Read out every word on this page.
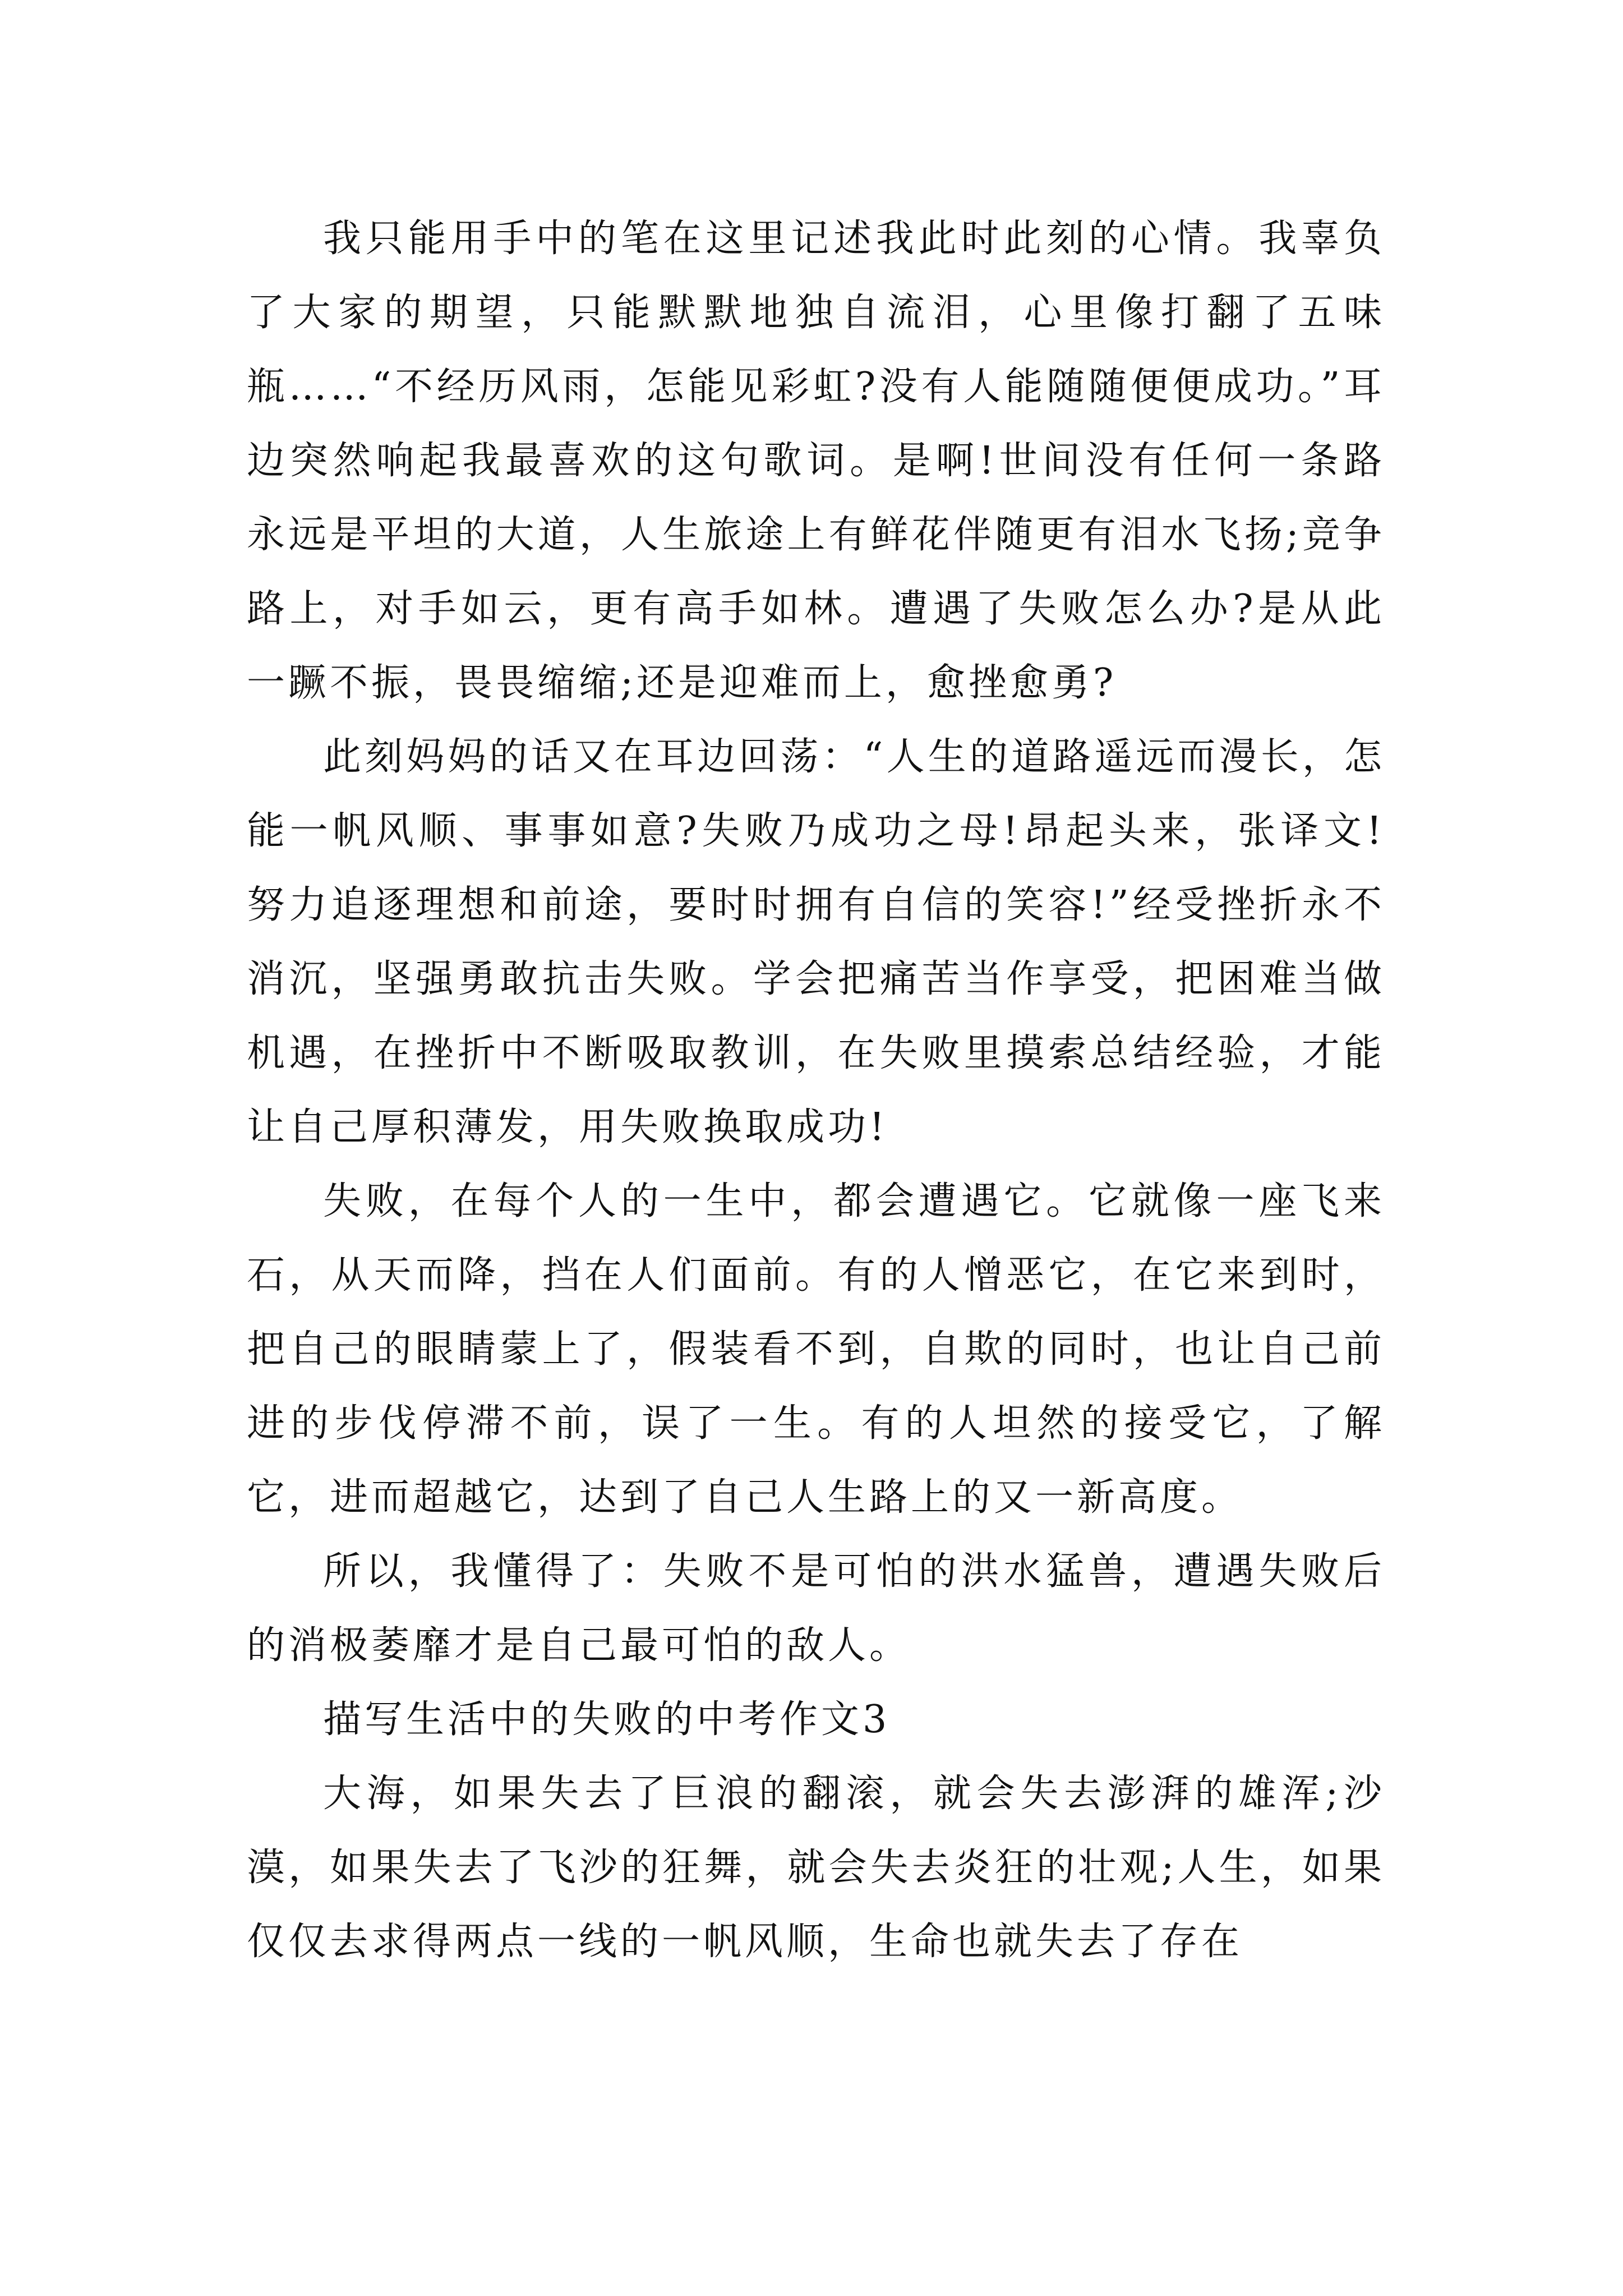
我只能用手中的笔在这里记述我此时此刻的心情。我辜负了大家的期望，只能默默地独自流泪，心里像打翻了五味瓶……“不经历风雨，怎能见彩虹?没有人能随随便便成功。”耳边突然响起我最喜欢的这句歌词。是啊!世间没有任何一条路永远是平坦的大道，人生旅途上有鲜花伴随更有泪水飞扬;竞争路上，对手如云，更有高手如林。遭遇了失败怎么办?是从此一蹶不振，畏畏缩缩;还是迎难而上，愈挫愈勇?

此刻妈妈的话又在耳边回荡：“人生的道路遥远而漫长，怎能一帆风顺、事事如意?失败乃成功之母!昂起头来，张译文!努力追逐理想和前途，要时时拥有自信的笑容!”经受挫折永不消沉，坚强勇敢抗击失败。学会把痛苦当作享受，把困难当做机遇，在挫折中不断吸取教训，在失败里摸索总结经验，才能让自己厚积薄发，用失败换取成功!

失败，在每个人的一生中，都会遭遇它。它就像一座飞来石，从天而降，挡在人们面前。有的人憎恶它，在它来到时，把自己的眼睛蒙上了，假装看不到，自欺的同时，也让自己前进的步伐停滞不前，误了一生。有的人坦然的接受它，了解它，进而超越它，达到了自己人生路上的又一新高度。

所以，我懂得了：失败不是可怕的洪水猛兽，遭遇失败后的消极萎靡才是自己最可怕的敌人。

描写生活中的失败的中考作文3

大海，如果失去了巨浪的翻滚，就会失去澎湃的雄浑;沙漠，如果失去了飞沙的狂舞，就会失去炎狂的壮观;人生，如果仅仅去求得两点一线的一帆风顺，生命也就失去了存在
